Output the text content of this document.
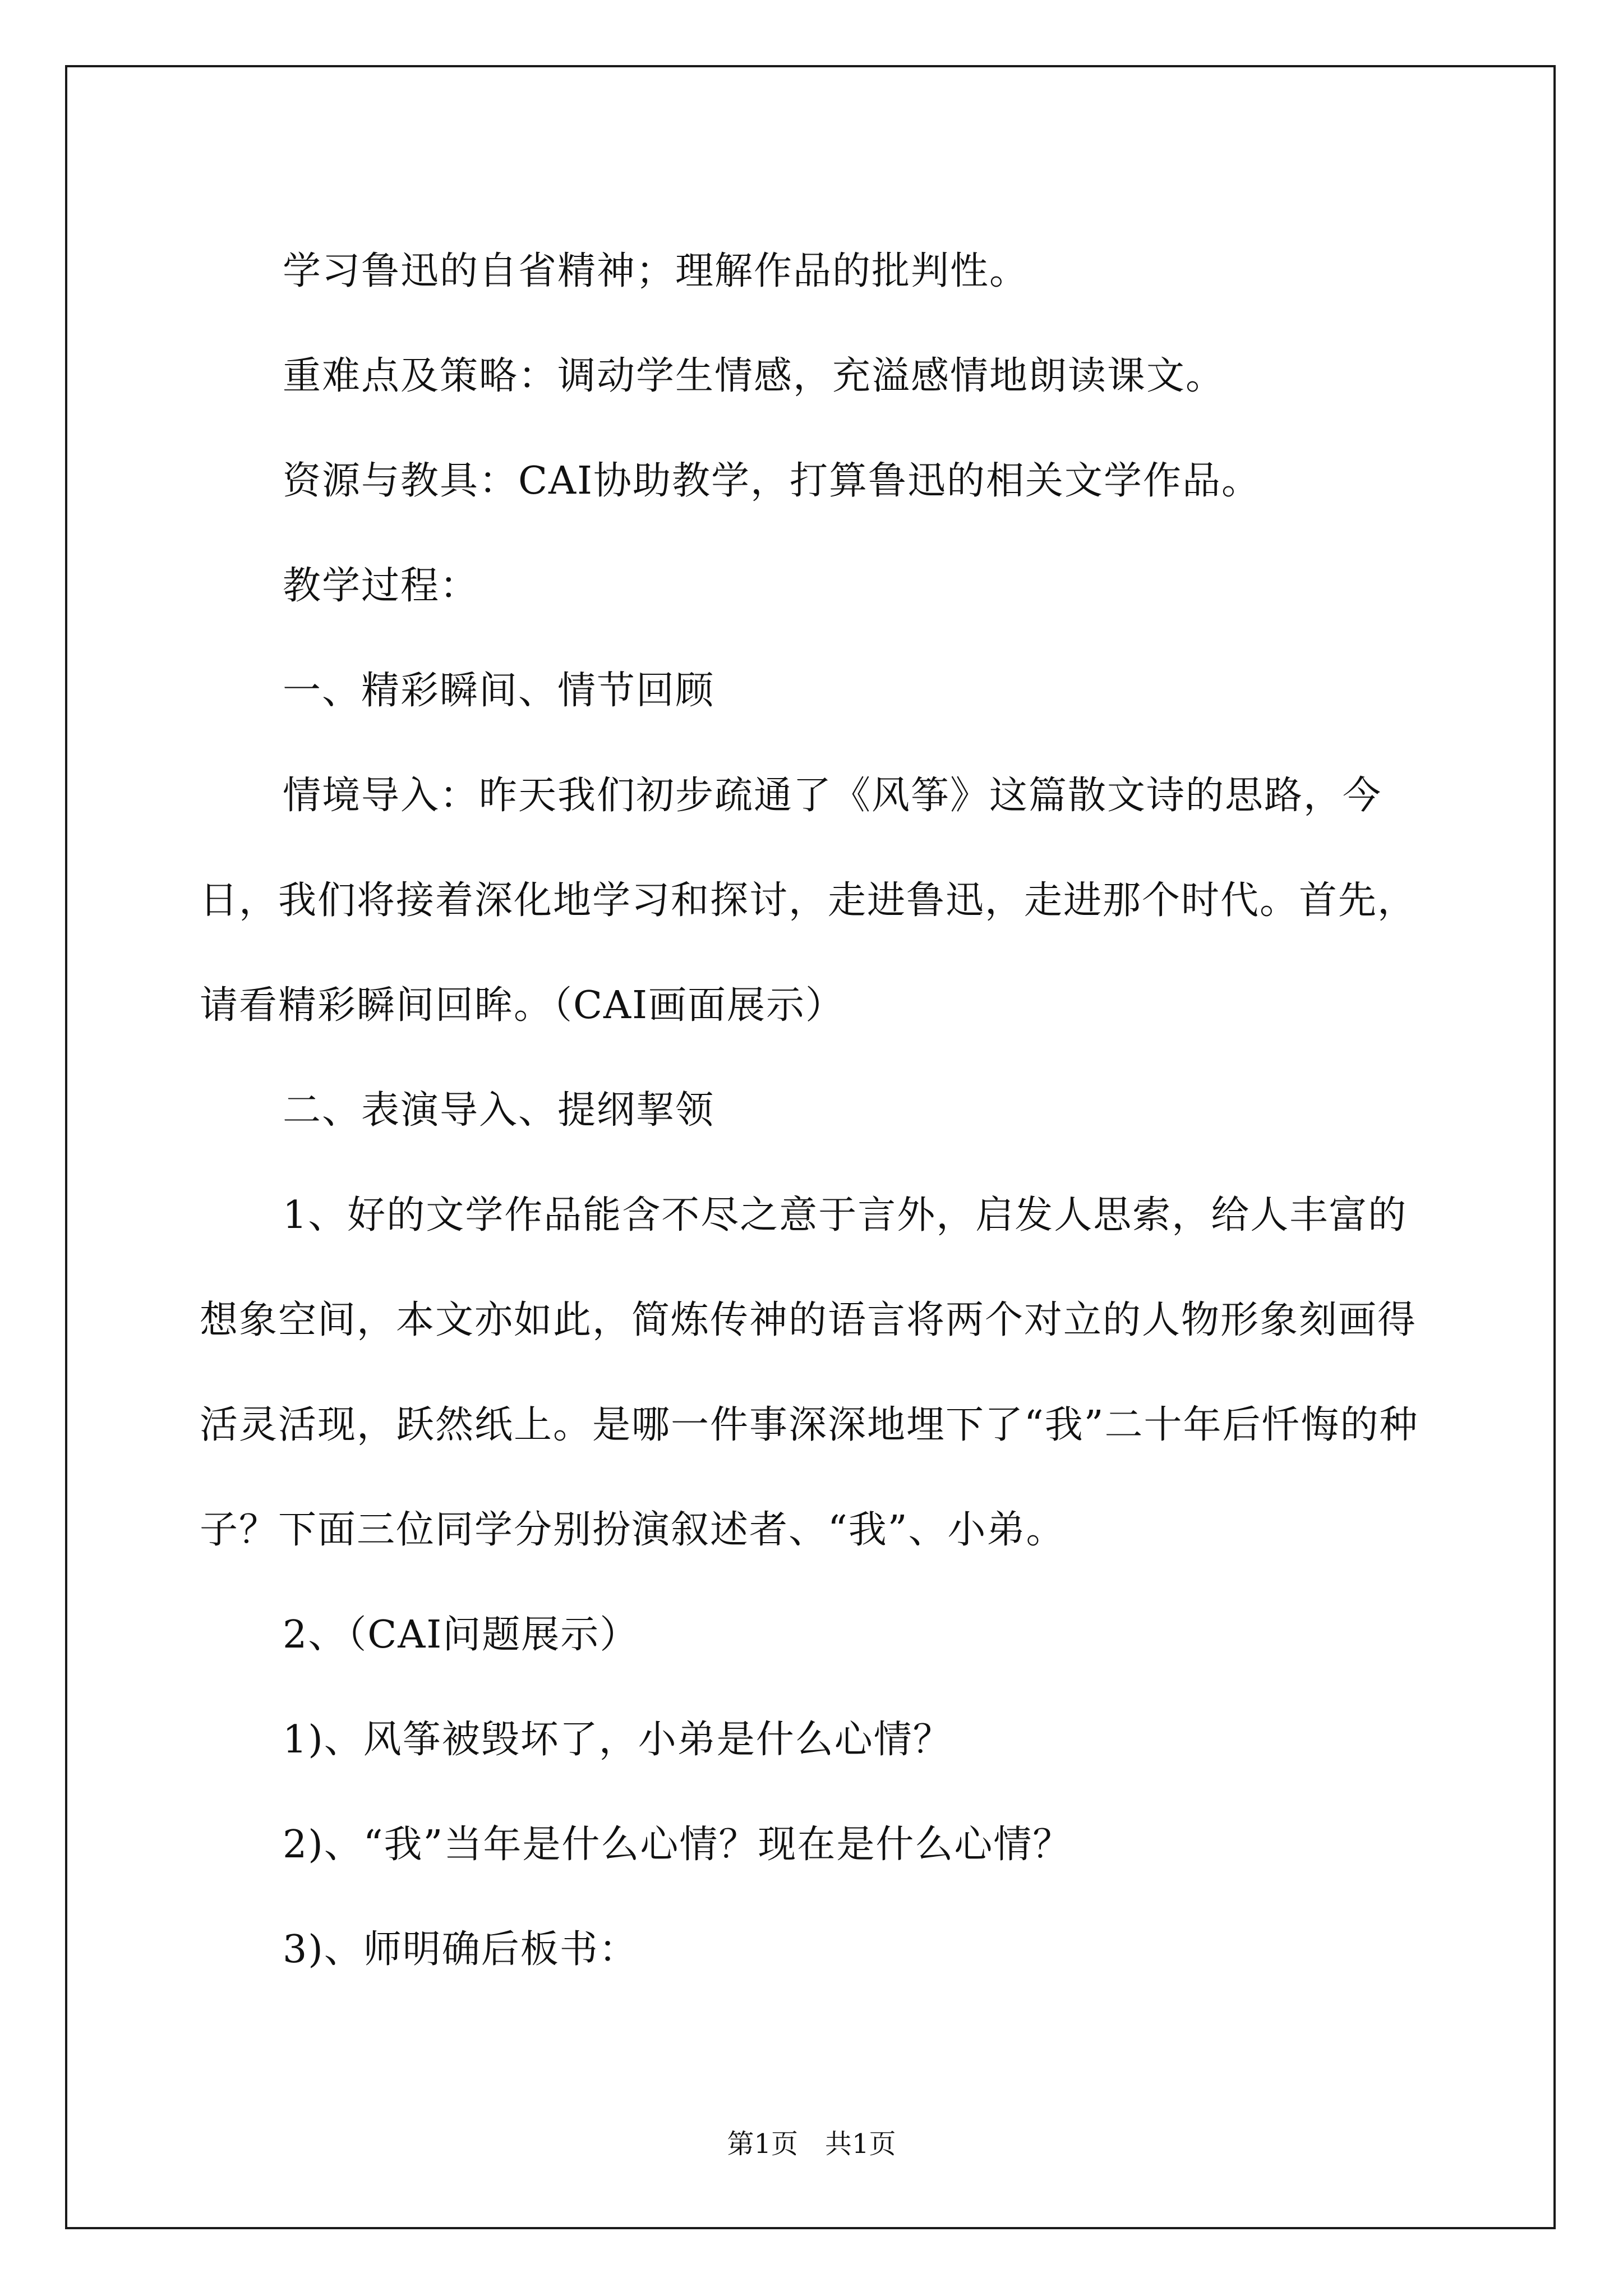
学习鲁迅的自省精神；理解作品的批判性。

重难点及策略：调动学生情感，充溢感情地朗读课文。

资源与教具：CAI协助教学，打算鲁迅的相关文学作品。

教学过程：

一、精彩瞬间、情节回顾

情境导入：昨天我们初步疏通了《风筝》这篇散文诗的思路，今日，我们将接着深化地学习和探讨，走进鲁迅，走进那个时代。首先，请看精彩瞬间回眸。（CAI画面展示）

二、表演导入、提纲挈领

1、好的文学作品能含不尽之意于言外，启发人思索，给人丰富的想象空间，本文亦如此，简炼传神的语言将两个对立的人物形象刻画得活灵活现，跃然纸上。是哪一件事深深地埋下了“我”二十年后忏悔的种子？下面三位同学分别扮演叙述者、“我”、小弟。

2、（CAI问题展示）

1)、风筝被毁坏了，小弟是什么心情？

2)、“我”当年是什么心情？现在是什么心情？

3)、师明确后板书：

第1页　共1页
